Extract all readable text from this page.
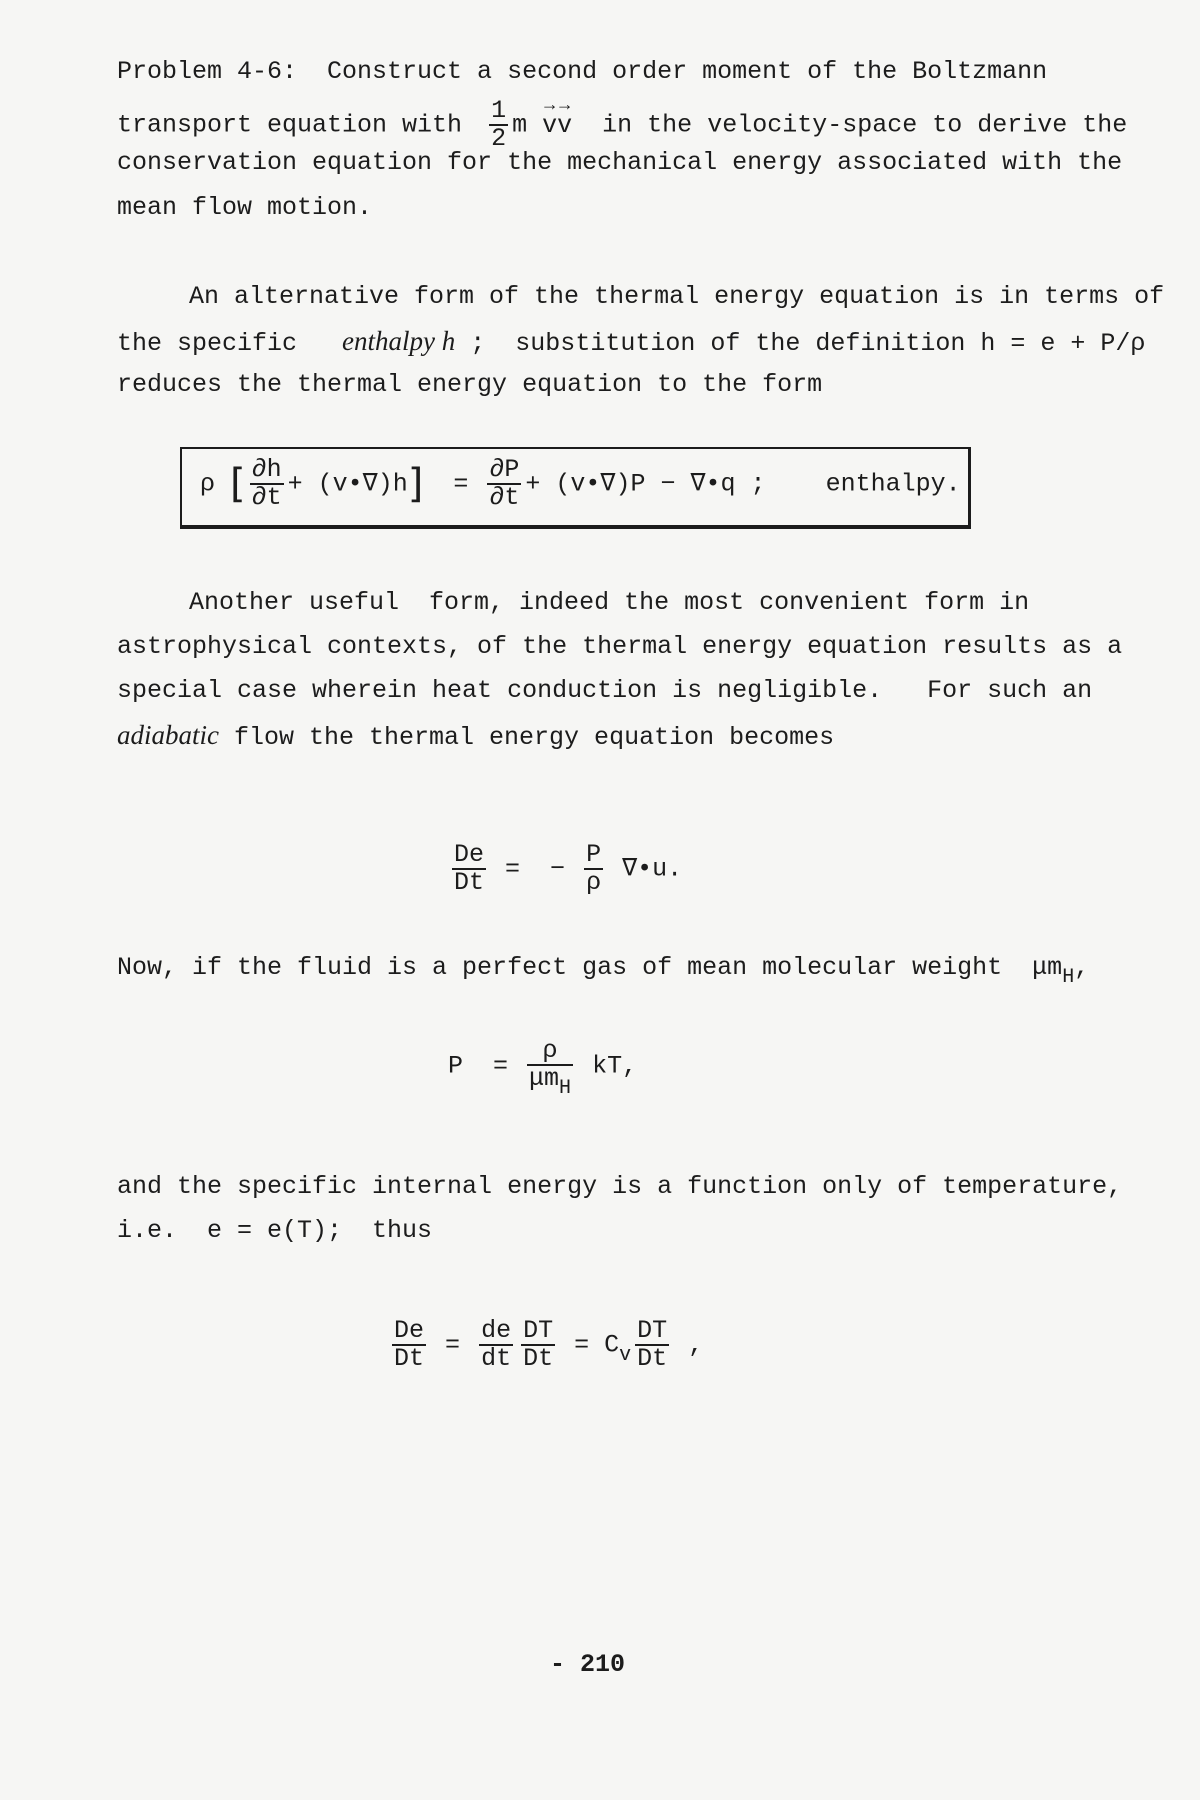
Problem 4-6:  Construct a second order moment of the Boltzmann
transport equation with $\frac{1}{2}$ m → v→ v in the velocity-space to derive the
conservation equation for the mechanical energy associated with the
mean flow motion.
An alternative form of the thermal energy equation is in terms of
the specific enthalpy h ;  substitution of the definition h = e + P/ρ
reduces the thermal energy equation to the form
ρ [ $\frac{\partial h}{\partial t}$ + (v•∇)h] = $\frac{\partial P}{\partial t}$ + (v•∇)P − ∇•q ; enthalpy.
Another useful  form, indeed the most convenient form in
astrophysical contexts, of the thermal energy equation results as a
special case wherein heat conduction is negligible.   For such an
adiabatic flow the thermal energy equation becomes
$\frac{De}{Dt}$ =  − $\frac{P}{\rho}$ ∇•u.
Now, if the fluid is a perfect gas of mean molecular weight $\mu m_H$,
$P = \frac{\rho}{\mu m_H}$ kT,
and the specific internal energy is a function only of temperature,
i.e.  e = e(T);  thus
$\frac{De}{Dt} = \frac{de}{dt} \frac{DT}{Dt} = C_v \frac{DT}{Dt}$ ,
- 210
